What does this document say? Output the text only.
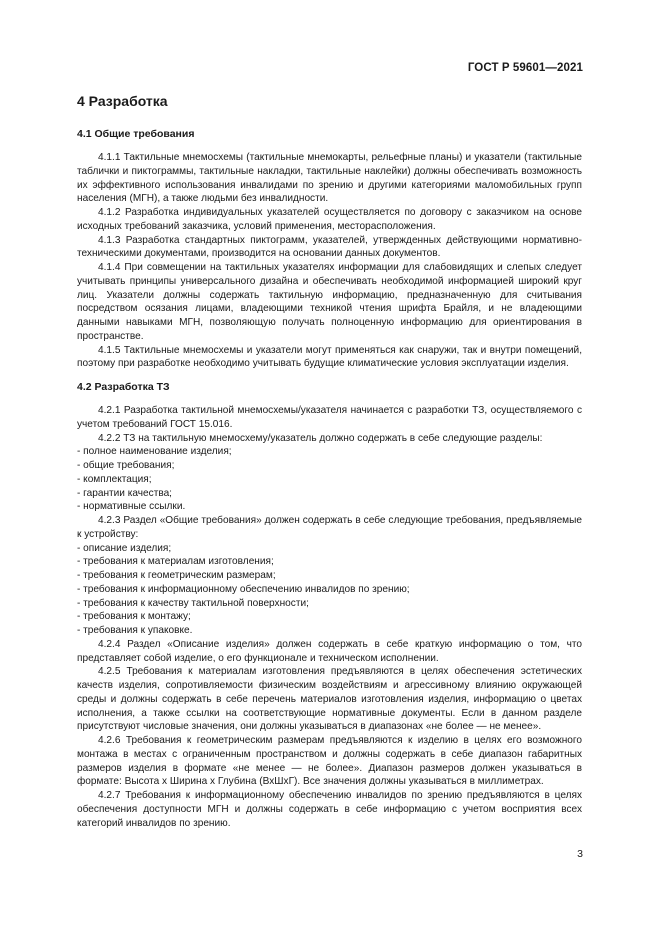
ГОСТ Р 59601—2021
4 Разработка
4.1 Общие требования

4.1.1 Тактильные мнемосхемы (тактильные мнемокарты, рельефные планы) и указатели (тактильные таблички и пиктограммы, тактильные накладки, тактильные наклейки) должны обеспечивать возможность их эффективного использования инвалидами по зрению и другими категориями маломобильных групп населения (МГН), а также людьми без инвалидности.

4.1.2 Разработка индивидуальных указателей осуществляется по договору с заказчиком на основе исходных требований заказчика, условий применения, месторасположения.

4.1.3 Разработка стандартных пиктограмм, указателей, утвержденных действующими нормативно-техническими документами, производится на основании данных документов.

4.1.4 При совмещении на тактильных указателях информации для слабовидящих и слепых следует учитывать принципы универсального дизайна и обеспечивать необходимой информацией широкий круг лиц. Указатели должны содержать тактильную информацию, предназначенную для считывания посредством осязания лицами, владеющими техникой чтения шрифта Брайля, и не владеющими данными навыками МГН, позволяющую получать полноценную информацию для ориентирования в пространстве.

4.1.5 Тактильные мнемосхемы и указатели могут применяться как снаружи, так и внутри помещений, поэтому при разработке необходимо учитывать будущие климатические условия эксплуатации изделия.

4.2 Разработка ТЗ

4.2.1 Разработка тактильной мнемосхемы/указателя начинается с разработки ТЗ, осуществляемого с учетом требований ГОСТ 15.016.

4.2.2 ТЗ на тактильную мнемосхему/указатель должно содержать в себе следующие разделы:

- полное наименование изделия;
- общие требования;
- комплектация;
- гарантии качества;
- нормативные ссылки.

4.2.3 Раздел «Общие требования» должен содержать в себе следующие требования, предъявляемые к устройству:

- описание изделия;
- требования к материалам изготовления;
- требования к геометрическим размерам;
- требования к информационному обеспечению инвалидов по зрению;
- требования к качеству тактильной поверхности;
- требования к монтажу;
- требования к упаковке.

4.2.4 Раздел «Описание изделия» должен содержать в себе краткую информацию о том, что представляет собой изделие, о его функционале и техническом исполнении.

4.2.5 Требования к материалам изготовления предъявляются в целях обеспечения эстетических качеств изделия, сопротивляемости физическим воздействиям и агрессивному влиянию окружающей среды и должны содержать в себе перечень материалов изготовления изделия, информацию о цветах исполнения, а также ссылки на соответствующие нормативные документы. Если в данном разделе присутствуют числовые значения, они должны указываться в диапазонах «не более — не менее».

4.2.6 Требования к геометрическим размерам предъявляются к изделию в целях его возможного монтажа в местах с ограниченным пространством и должны содержать в себе диапазон габаритных размеров изделия в формате «не менее — не более». Диапазон размеров должен указываться в формате: Высота х Ширина х Глубина (ВхШхГ). Все значения должны указываться в миллиметрах.

4.2.7 Требования к информационному обеспечению инвалидов по зрению предъявляются в целях обеспечения доступности МГН и должны содержать в себе информацию с учетом восприятия всех категорий инвалидов по зрению.

3
